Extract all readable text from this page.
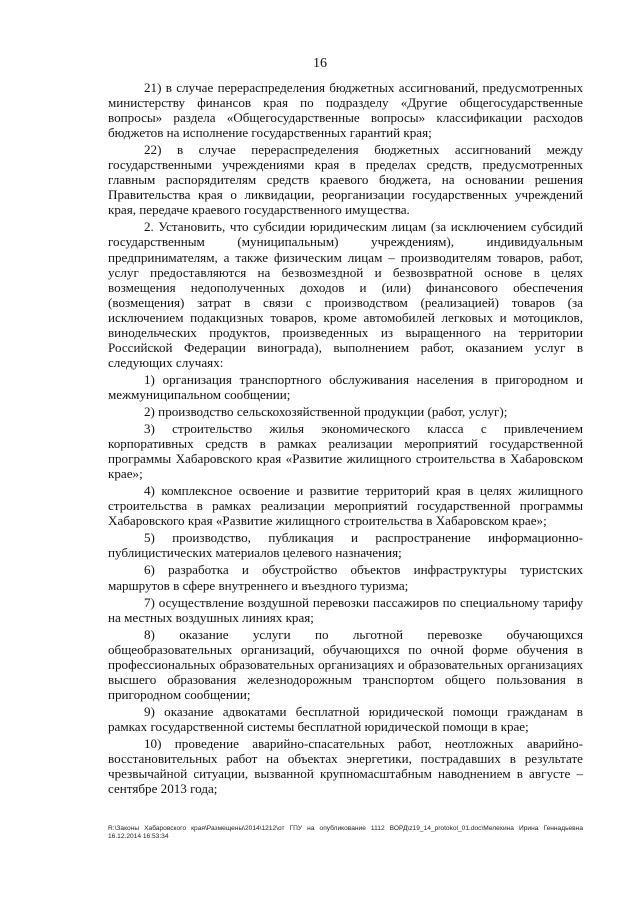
16

21) в случае перераспределения бюджетных ассигнований, предусмотренных министерству финансов края по подразделу «Другие общегосударственные вопросы» раздела «Общегосударственные вопросы» классификации расходов бюджетов на исполнение государственных гарантий края;

22) в случае перераспределения бюджетных ассигнований между государственными учреждениями края в пределах средств, предусмотренных главным распорядителям средств краевого бюджета, на основании решения Правительства края о ликвидации, реорганизации государственных учреждений края, передаче краевого государственного имущества.

2. Установить, что субсидии юридическим лицам (за исключением субсидий государственным (муниципальным) учреждениям), индивидуальным предпринимателям, а также физическим лицам – производителям товаров, работ, услуг предоставляются на безвозмездной и безвозвратной основе в целях возмещения недополученных доходов и (или) финансового обеспечения (возмещения) затрат в связи с производством (реализацией) товаров (за исключением подакцизных товаров, кроме автомобилей легковых и мотоциклов, винодельческих продуктов, произведенных из выращенного на территории Российской Федерации винограда), выполнением работ, оказанием услуг в следующих случаях:

1) организация транспортного обслуживания населения в пригородном и межмуниципальном сообщении;

2) производство сельскохозяйственной продукции (работ, услуг);

3) строительство жилья экономического класса с привлечением корпоративных средств в рамках реализации мероприятий государственной программы Хабаровского края «Развитие жилищного строительства в Хабаровском крае»;

4) комплексное освоение и развитие территорий края в целях жилищного строительства в рамках реализации мероприятий государственной программы Хабаровского края «Развитие жилищного строительства в Хабаровском крае»;

5) производство, публикация и распространение информационно-публицистических материалов целевого назначения;

6) разработка и обустройство объектов инфраструктуры туристских маршрутов в сфере внутреннего и въездного туризма;

7) осуществление воздушной перевозки пассажиров по специальному тарифу на местных воздушных линиях края;

8) оказание услуги по льготной перевозке обучающихся общеобразовательных организаций, обучающихся по очной форме обучения в профессиональных образовательных организациях и образовательных организациях высшего образования железнодорожным транспортом общего пользования в пригородном сообщении;

9) оказание адвокатами бесплатной юридической помощи гражданам в рамках государственной системы бесплатной юридической помощи в крае;

10) проведение аварийно-спасательных работ, неотложных аварийно-восстановительных работ на объектах энергетики, пострадавших в результате чрезвычайной ситуации, вызванной крупномасштабным наводнением в августе – сентябре 2013 года;

R:\Законы Хабаровского края\Размещены\2014\1212\от ГПУ на опубликование 1112 ВОРД\z19_14_protokol_01.doc\Мелехина Ирина Геннадьевна 16.12.2014 16:53:34
